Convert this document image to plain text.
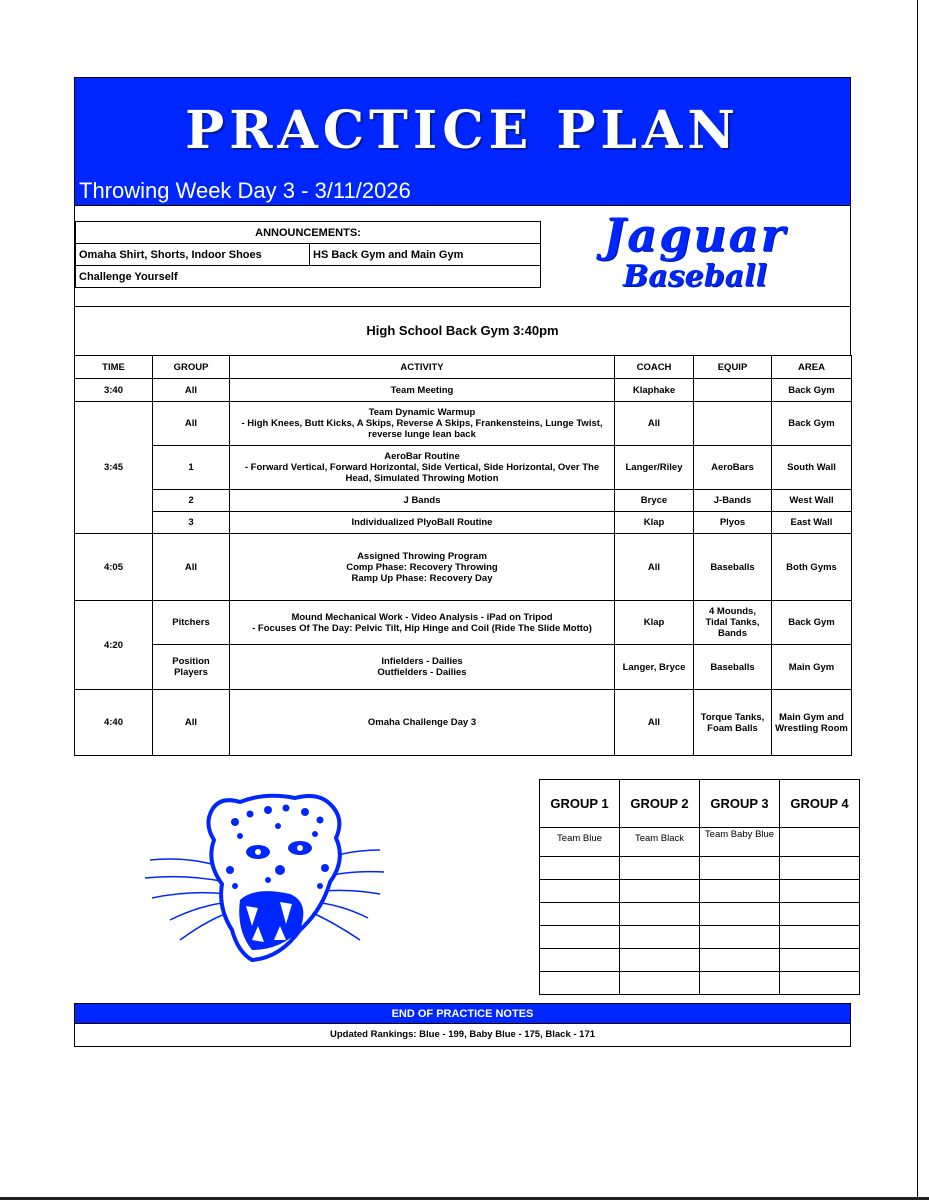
PRACTICE PLAN
Throwing Week Day 3 - 3/11/2026
ANNOUNCEMENTS:
Omaha Shirt, Shorts, Indoor Shoes	HS Back Gym and Main Gym
Challenge Yourself
Jaguar
Baseball
High School Back Gym 3:40pm
TIME	GROUP	ACTIVITY	COACH	EQUIP	AREA
3:40	All	Team Meeting	Klaphake		Back Gym
3:45	All	Team Dynamic Warmup
- High Knees, Butt Kicks, A Skips, Reverse A Skips, Frankensteins, Lunge Twist, reverse lunge lean back	All		Back Gym
	1	AeroBar Routine
- Forward Vertical, Forward Horizontal, Side Vertical, Side Horizontal, Over The Head, Simulated Throwing Motion	Langer/Riley	AeroBars	South Wall
	2	J Bands	Bryce	J-Bands	West Wall
	3	Individualized PlyoBall Routine	Klap	Plyos	East Wall
4:05	All	Assigned Throwing Program
Comp Phase: Recovery Throwing
Ramp Up Phase: Recovery Day	All	Baseballs	Both Gyms
4:20	Pitchers	Mound Mechanical Work - Video Analysis - iPad on Tripod
- Focuses Of The Day: Pelvic Tilt, Hip Hinge and Coil (Ride The Slide Motto)	Klap	4 Mounds, Tidal Tanks, Bands	Back Gym
	Position Players	Infielders - Dailies
Outfielders - Dailies	Langer, Bryce	Baseballs	Main Gym
4:40	All	Omaha Challenge Day 3	All	Torque Tanks, Foam Balls	Main Gym and Wrestling Room
GROUP 1	GROUP 2	GROUP 3	GROUP 4
Team Blue	Team Black	Team Baby Blue	

END OF PRACTICE NOTES
Updated Rankings: Blue - 199, Baby Blue - 175, Black - 171
